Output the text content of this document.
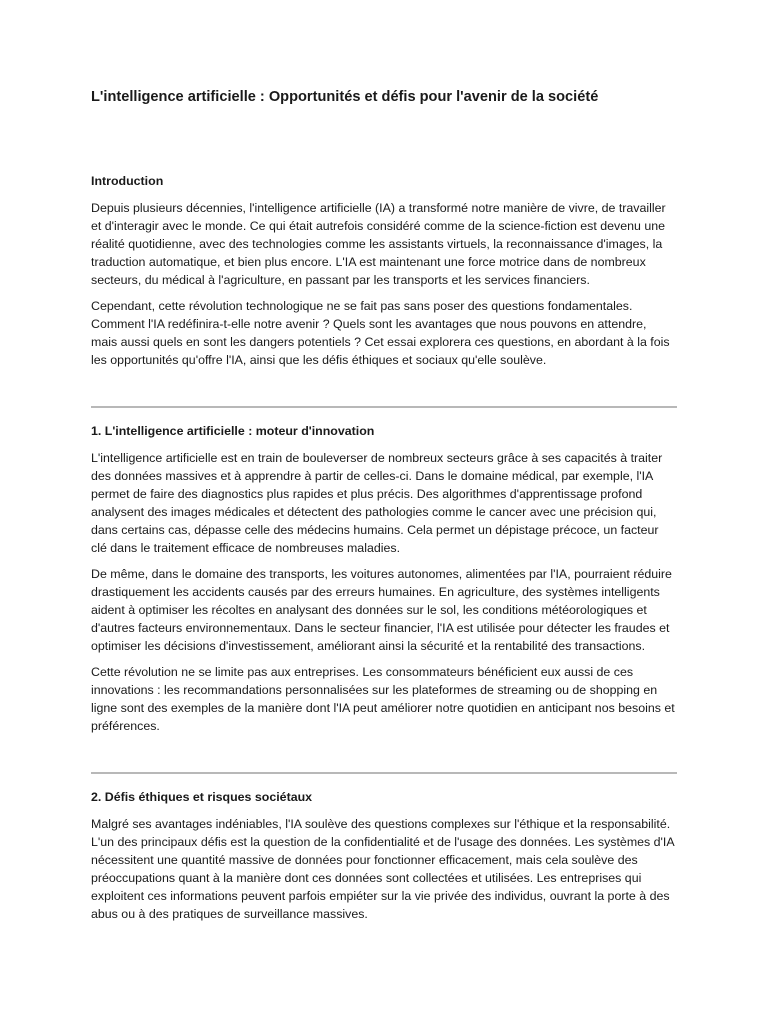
L'intelligence artificielle : Opportunités et défis pour l'avenir de la société
Introduction

Depuis plusieurs décennies, l'intelligence artificielle (IA) a transformé notre manière de vivre, de travailler et d'interagir avec le monde. Ce qui était autrefois considéré comme de la science-fiction est devenu une réalité quotidienne, avec des technologies comme les assistants virtuels, la reconnaissance d'images, la traduction automatique, et bien plus encore. L'IA est maintenant une force motrice dans de nombreux secteurs, du médical à l'agriculture, en passant par les transports et les services financiers.

Cependant, cette révolution technologique ne se fait pas sans poser des questions fondamentales. Comment l'IA redéfinira-t-elle notre avenir ? Quels sont les avantages que nous pouvons en attendre, mais aussi quels en sont les dangers potentiels ? Cet essai explorera ces questions, en abordant à la fois les opportunités qu'offre l'IA, ainsi que les défis éthiques et sociaux qu'elle soulève.

1. L'intelligence artificielle : moteur d'innovation

L'intelligence artificielle est en train de bouleverser de nombreux secteurs grâce à ses capacités à traiter des données massives et à apprendre à partir de celles-ci. Dans le domaine médical, par exemple, l'IA permet de faire des diagnostics plus rapides et plus précis. Des algorithmes d'apprentissage profond analysent des images médicales et détectent des pathologies comme le cancer avec une précision qui, dans certains cas, dépasse celle des médecins humains. Cela permet un dépistage précoce, un facteur clé dans le traitement efficace de nombreuses maladies.

De même, dans le domaine des transports, les voitures autonomes, alimentées par l'IA, pourraient réduire drastiquement les accidents causés par des erreurs humaines. En agriculture, des systèmes intelligents aident à optimiser les récoltes en analysant des données sur le sol, les conditions météorologiques et d'autres facteurs environnementaux. Dans le secteur financier, l'IA est utilisée pour détecter les fraudes et optimiser les décisions d'investissement, améliorant ainsi la sécurité et la rentabilité des transactions.

Cette révolution ne se limite pas aux entreprises. Les consommateurs bénéficient eux aussi de ces innovations : les recommandations personnalisées sur les plateformes de streaming ou de shopping en ligne sont des exemples de la manière dont l'IA peut améliorer notre quotidien en anticipant nos besoins et préférences.

2. Défis éthiques et risques sociétaux

Malgré ses avantages indéniables, l'IA soulève des questions complexes sur l'éthique et la responsabilité. L'un des principaux défis est la question de la confidentialité et de l'usage des données. Les systèmes d'IA nécessitent une quantité massive de données pour fonctionner efficacement, mais cela soulève des préoccupations quant à la manière dont ces données sont collectées et utilisées. Les entreprises qui exploitent ces informations peuvent parfois empiéter sur la vie privée des individus, ouvrant la porte à des abus ou à des pratiques de surveillance massives.
